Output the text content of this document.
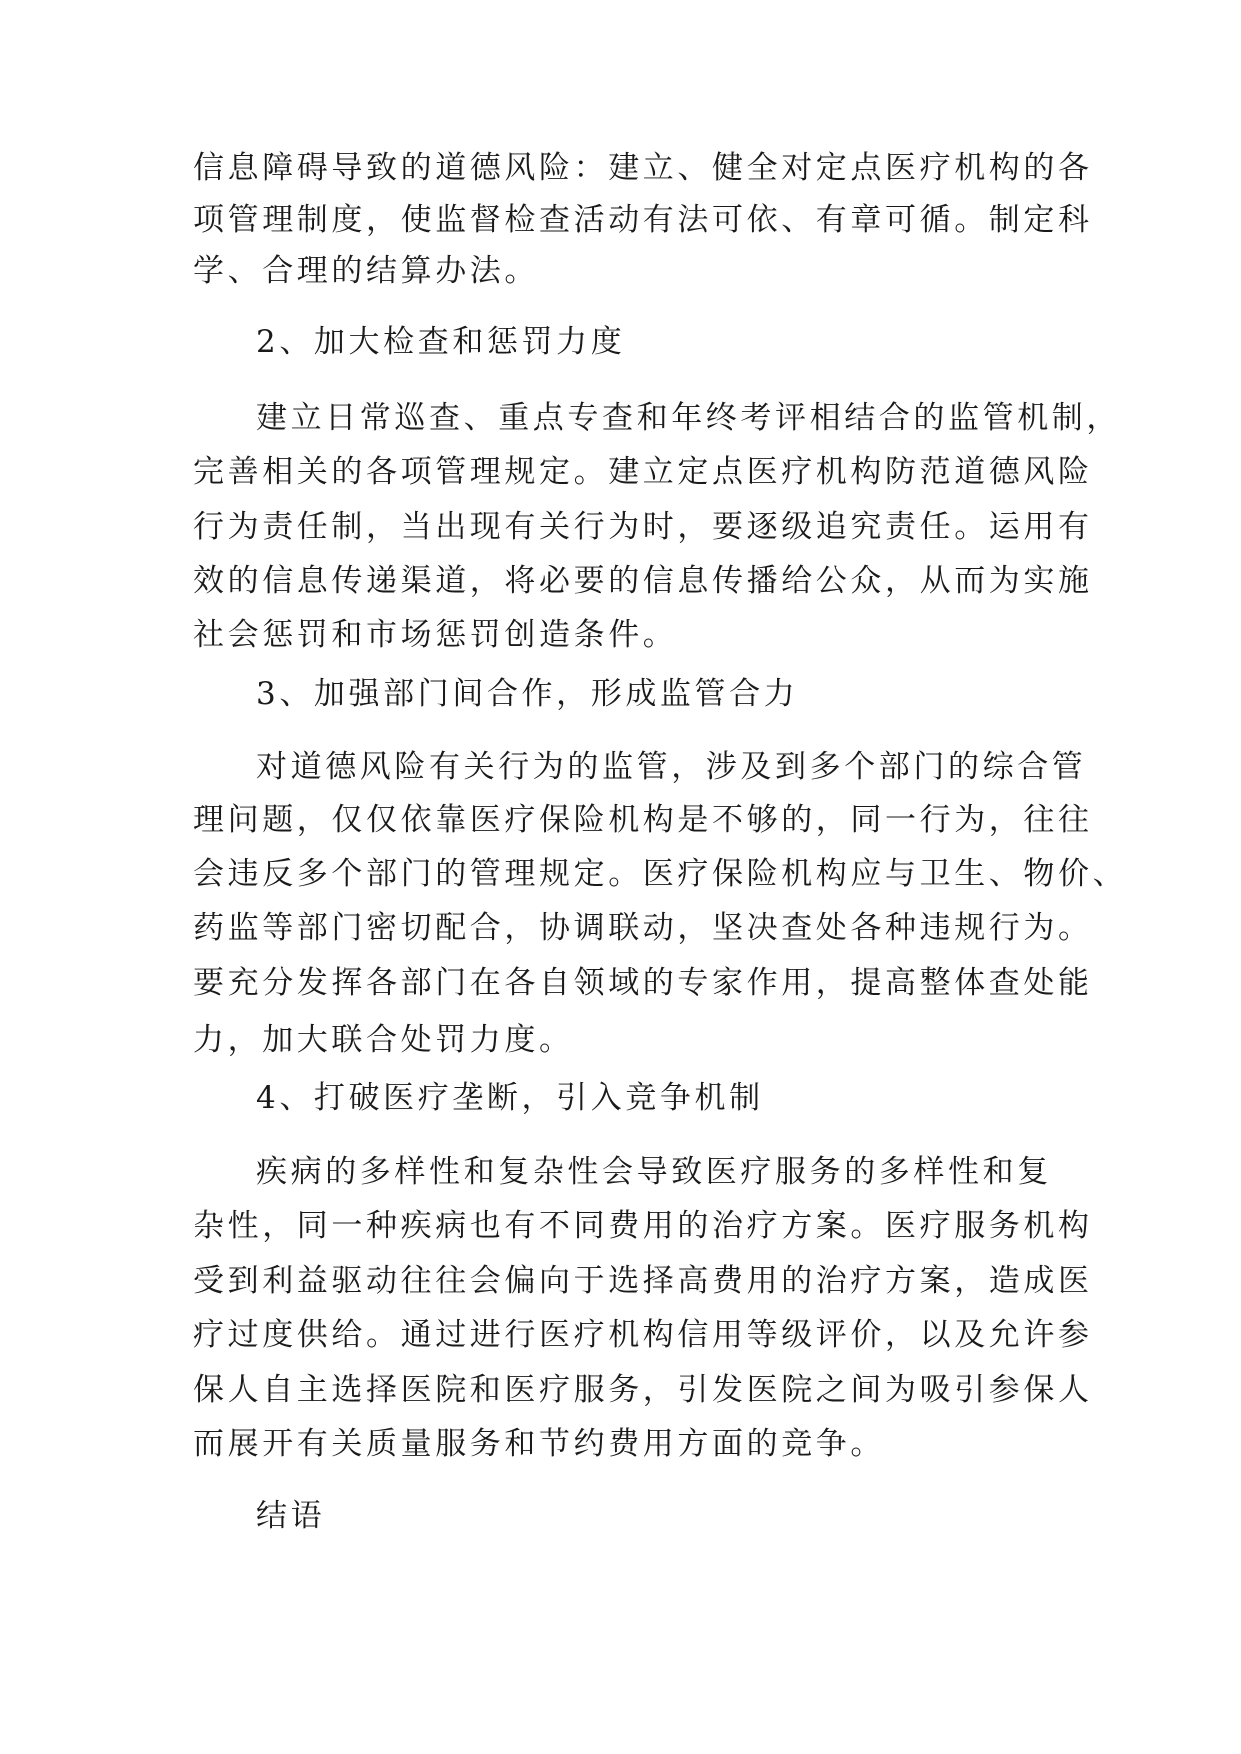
信息障碍导致的道德风险：建立、健全对定点医疗机构的各
项管理制度，使监督检查活动有法可依、有章可循。制定科
学、合理的结算办法。
2、加大检查和惩罚力度
建立日常巡查、重点专查和年终考评相结合的监管机制，
完善相关的各项管理规定。建立定点医疗机构防范道德风险
行为责任制，当出现有关行为时，要逐级追究责任。运用有
效的信息传递渠道，将必要的信息传播给公众，从而为实施
社会惩罚和市场惩罚创造条件。
3、加强部门间合作，形成监管合力
对道德风险有关行为的监管，涉及到多个部门的综合管
理问题，仅仅依靠医疗保险机构是不够的，同一行为，往往
会违反多个部门的管理规定。医疗保险机构应与卫生、物价、
药监等部门密切配合，协调联动，坚决查处各种违规行为。
要充分发挥各部门在各自领域的专家作用，提高整体查处能
力，加大联合处罚力度。
4、打破医疗垄断，引入竞争机制
疾病的多样性和复杂性会导致医疗服务的多样性和复
杂性，同一种疾病也有不同费用的治疗方案。医疗服务机构
受到利益驱动往往会偏向于选择高费用的治疗方案，造成医
疗过度供给。通过进行医疗机构信用等级评价，以及允许参
保人自主选择医院和医疗服务，引发医院之间为吸引参保人
而展开有关质量服务和节约费用方面的竞争。
结语
